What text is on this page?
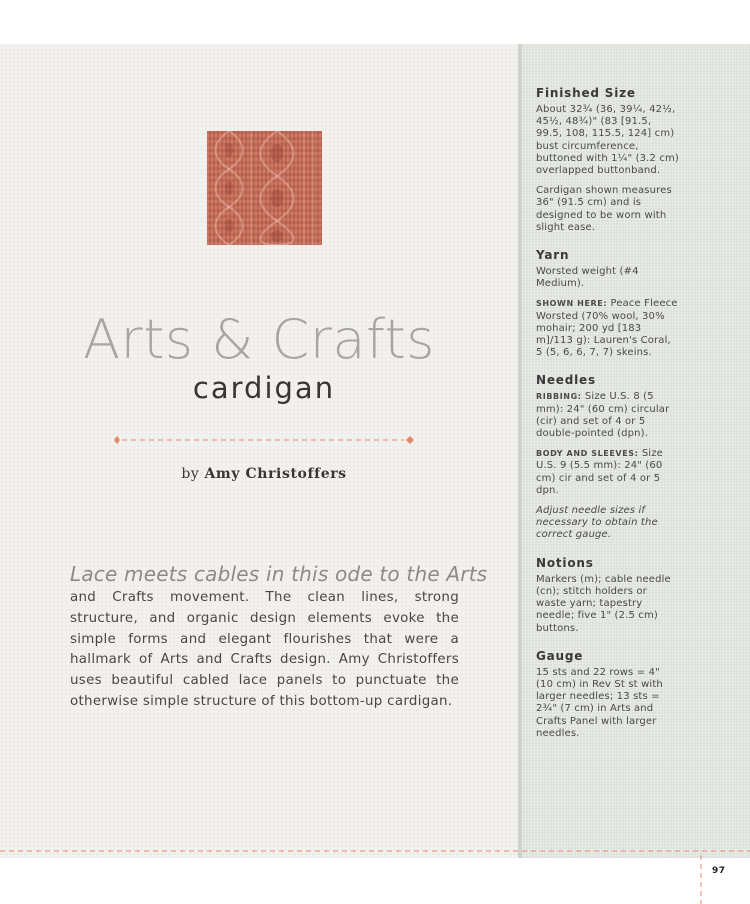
Arts & Crafts
cardigan
by Amy Christoffers
Lace meets cables in this ode to the Arts
and Crafts movement. The clean lines, strong structure, and organic design elements evoke the simple forms and elegant flourishes that were a hallmark of Arts and Crafts design. Amy Christoffers uses beautiful cabled lace panels to punctuate the otherwise simple structure of this bottom-up cardigan.
Finished Size

About 32¾ (36, 39¼, 42½, 45½, 48¾)" (83 [91.5, 99.5, 108, 115.5, 124] cm) bust circumference, buttoned with 1¼" (3.2 cm) overlapped buttonband.

Cardigan shown measures 36" (91.5 cm) and is designed to be worn with slight ease.

Yarn

Worsted weight (#4 Medium).

SHOWN HERE: Peace Fleece Worsted (70% wool, 30% mohair; 200 yd [183 m]/113 g): Lauren's Coral, 5 (5, 6, 6, 7, 7) skeins.

Needles

RIBBING: Size U.S. 8 (5 mm): 24" (60 cm) circular (cir) and set of 4 or 5 double-pointed (dpn).

BODY AND SLEEVES: Size U.S. 9 (5.5 mm): 24" (60 cm) cir and set of 4 or 5 dpn.

Adjust needle sizes if necessary to obtain the correct gauge.

Notions

Markers (m); cable needle (cn); stitch holders or waste yarn; tapestry needle; five 1" (2.5 cm) buttons.

Gauge

15 sts and 22 rows = 4" (10 cm) in Rev St st with larger needles; 13 sts = 2¾" (7 cm) in Arts and Crafts Panel with larger needles.

97
